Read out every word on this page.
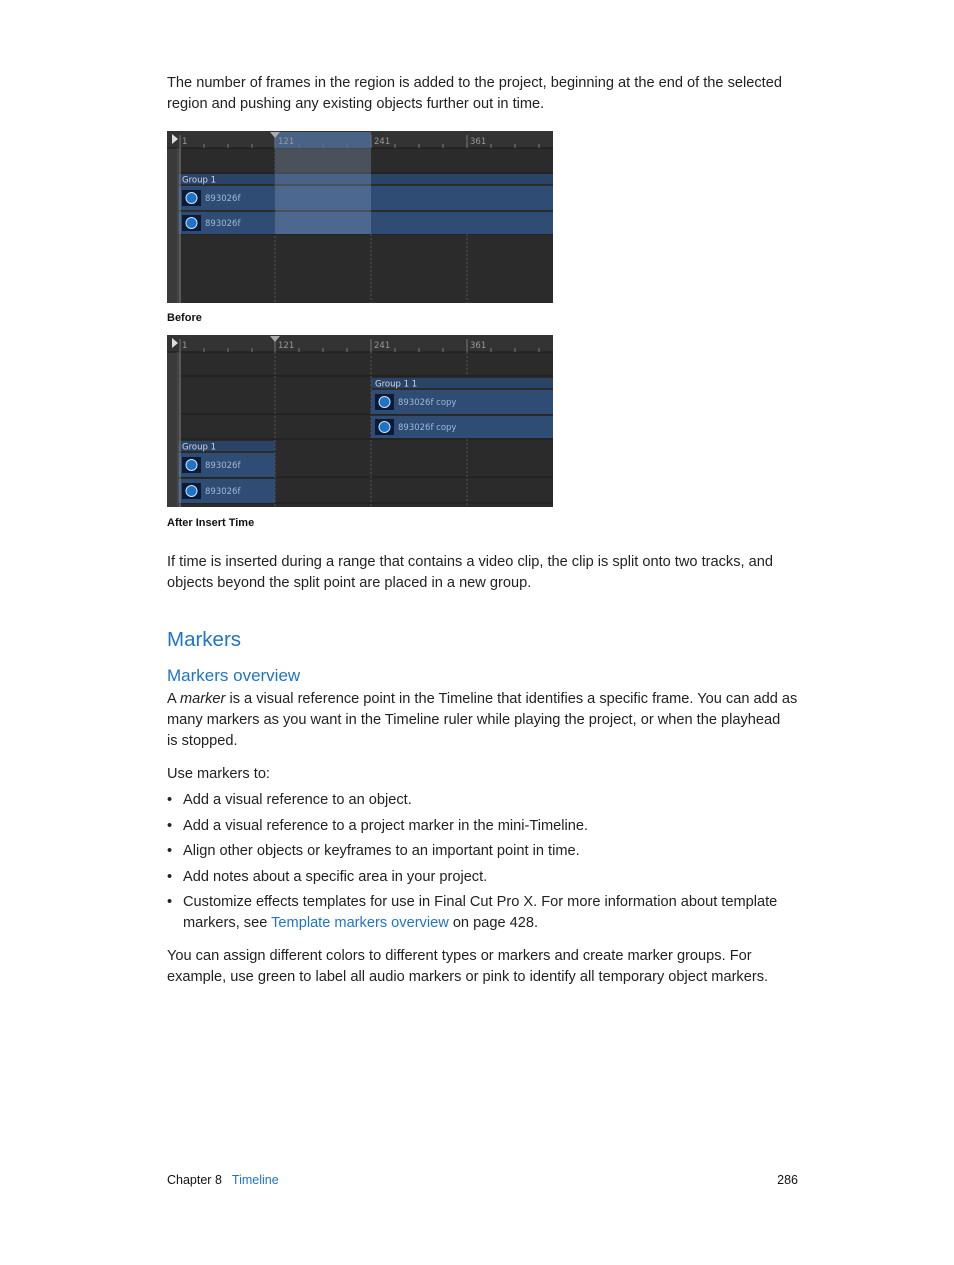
The number of frames in the region is added to the project, beginning at the end of the selected
region and pushing any existing objects further out in time.

1	121	241	361
Group 1
893026f
893026f
Before
1	121	241	361
Group 1 1
893026f copy
893026f copy
Group 1
893026f
893026f
After Insert Time

If time is inserted during a range that contains a video clip, the clip is split onto two tracks, and
objects beyond the split point are placed in a new group.

Markers
Markers overview

A marker is a visual reference point in the Timeline that identifies a specific frame. You can add as
many markers as you want in the Timeline ruler while playing the project, or when the playhead
is stopped.

Use markers to:

• Add a visual reference to an object.
• Add a visual reference to a project marker in the mini-Timeline.
• Align other objects or keyframes to an important point in time.
• Add notes about a specific area in your project.
• Customize effects templates for use in Final Cut Pro X. For more information about template
markers, see Template markers overview on page 428.

You can assign different colors to different types or markers and create marker groups. For
example, use green to label all audio markers or pink to identify all temporary object markers.

Chapter 8 Timeline	286
